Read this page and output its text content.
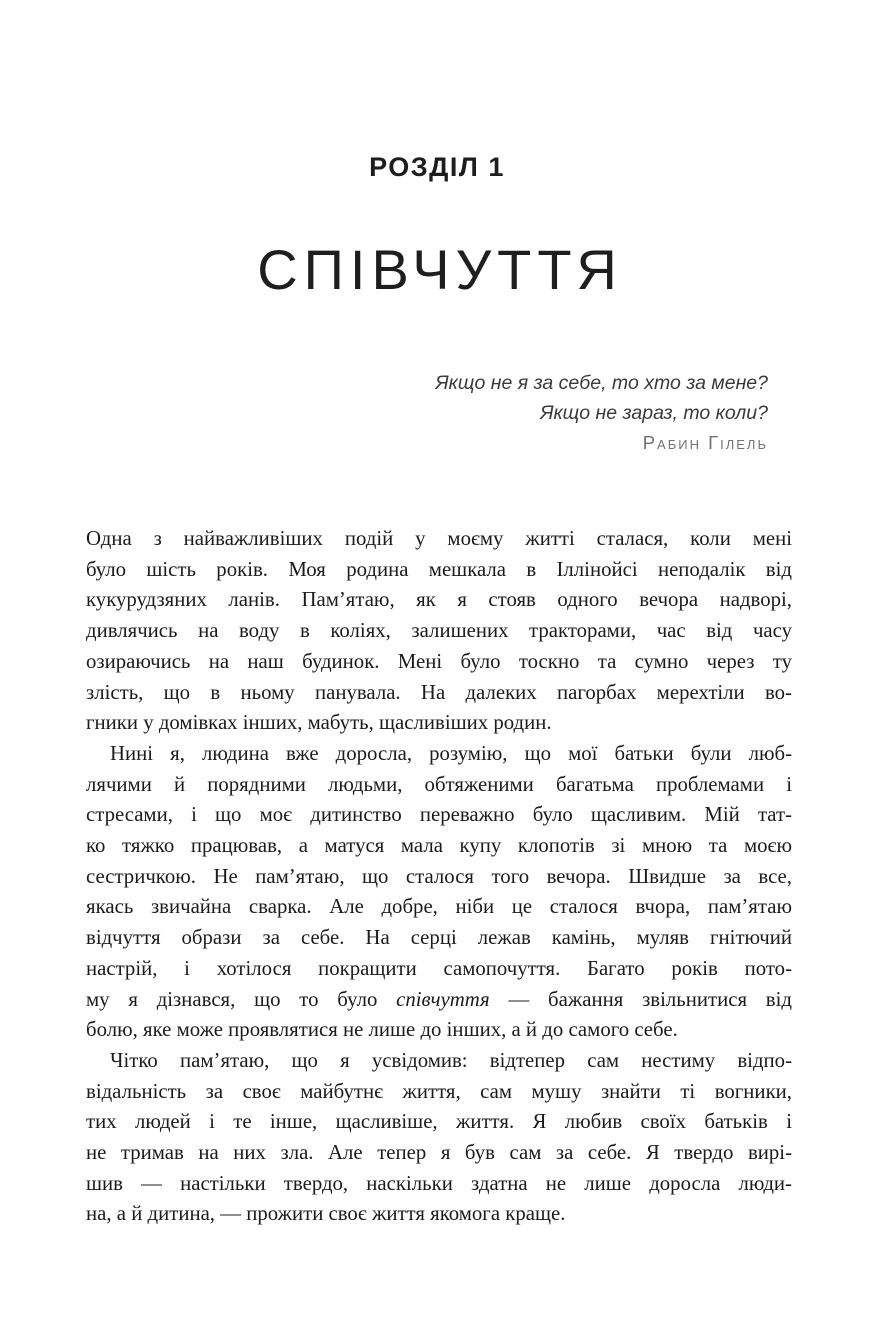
РОЗДІЛ 1
СПІВЧУТТЯ
Якщо не я за себе, то хто за мене?
Якщо не зараз, то коли?
Рабин Гілель
Одна з найважливіших подій у моєму житті сталася, коли мені
було шість років. Моя родина мешкала в Іллінойсі неподалік від
кукурудзяних ланів. Пам’ятаю, як я стояв одного вечора надворі,
дивлячись на воду в коліях, залишених тракторами, час від часу
озираючись на наш будинок. Мені було тоскно та сумно через ту
злість, що в ньому панувала. На далеких пагорбах мерехтіли во-
гники у домівках інших, мабуть, щасливіших родин.
Нині я, людина вже доросла, розумію, що мої батьки були люб-
лячими й порядними людьми, обтяженими багатьма проблемами і
стресами, і що моє дитинство переважно було щасливим. Мій тат-
ко тяжко працював, а матуся мала купу клопотів зі мною та моєю
сестричкою. Не пам’ятаю, що сталося того вечора. Швидше за все,
якась звичайна сварка. Але добре, ніби це сталося вчора, пам’ятаю
відчуття образи за себе. На серці лежав камінь, муляв гнітючий
настрій, і хотілося покращити самопочуття. Багато років пото-
му я дізнався, що то було співчуття — бажання звільнитися від
болю, яке може проявлятися не лише до інших, а й до самого себе.
Чітко пам’ятаю, що я усвідомив: відтепер сам нестиму відпо-
відальність за своє майбутнє життя, сам мушу знайти ті вогники,
тих людей і те інше, щасливіше, життя. Я любив своїх батьків і
не тримав на них зла. Але тепер я був сам за себе. Я твердо вирі-
шив — настільки твердо, наскільки здатна не лише доросла люди-
на, а й дитина, — прожити своє життя якомога краще.
